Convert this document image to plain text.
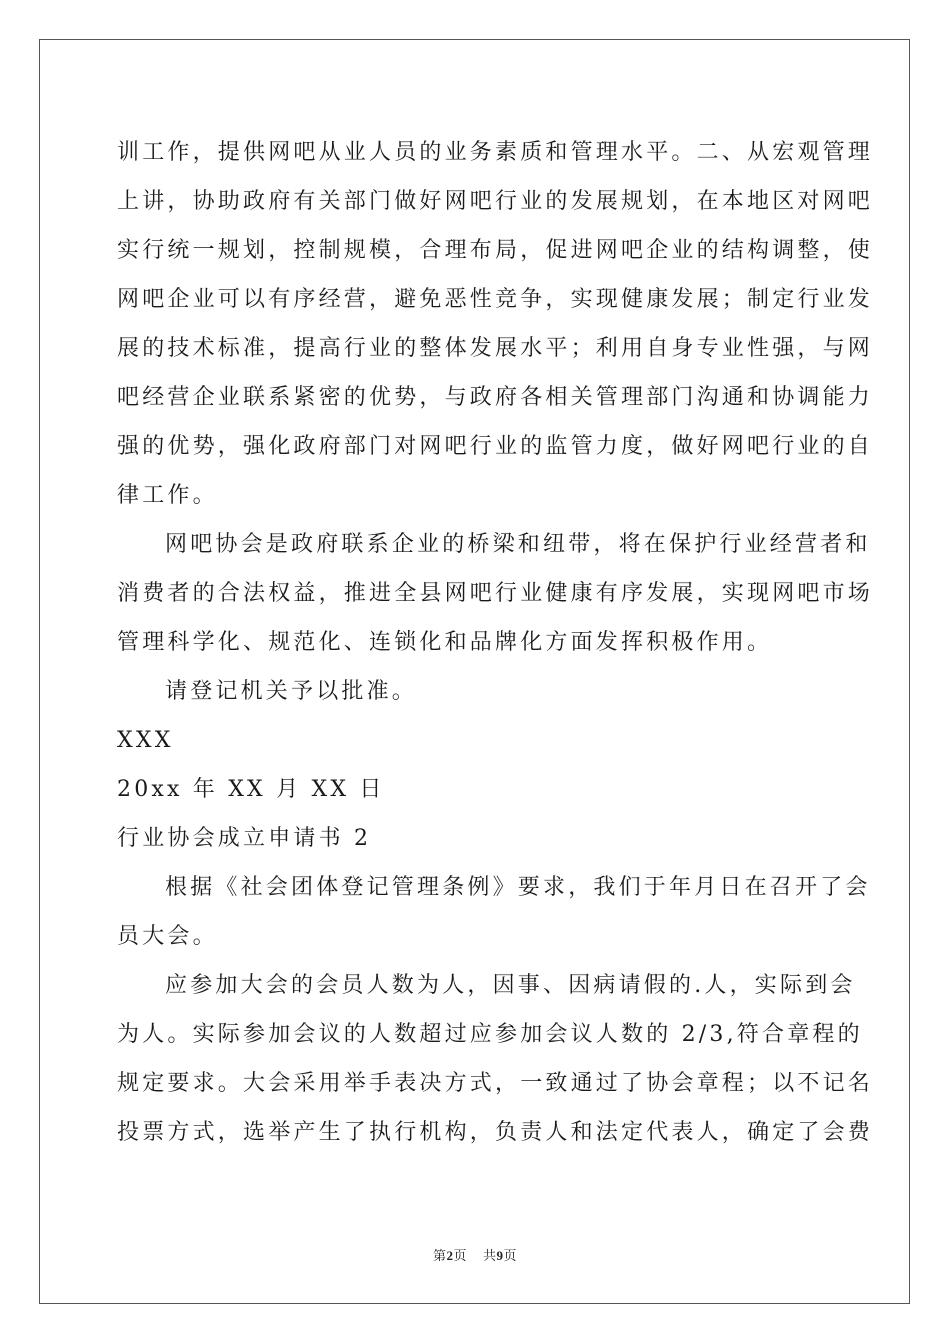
训工作，提供网吧从业人员的业务素质和管理水平。二、从宏观管理
上讲，协助政府有关部门做好网吧行业的发展规划，在本地区对网吧
实行统一规划，控制规模，合理布局，促进网吧企业的结构调整，使
网吧企业可以有序经营，避免恶性竞争，实现健康发展；制定行业发
展的技术标准，提高行业的整体发展水平；利用自身专业性强，与网
吧经营企业联系紧密的优势，与政府各相关管理部门沟通和协调能力
强的优势，强化政府部门对网吧行业的监管力度，做好网吧行业的自
律工作。
网吧协会是政府联系企业的桥梁和纽带，将在保护行业经营者和
消费者的合法权益，推进全县网吧行业健康有序发展，实现网吧市场
管理科学化、规范化、连锁化和品牌化方面发挥积极作用。
请登记机关予以批准。
XXX
20xx 年 XX 月 XX 日
行业协会成立申请书 2
根据《社会团体登记管理条例》要求，我们于年月日在召开了会
员大会。
应参加大会的会员人数为人，因事、因病请假的.人，实际到会
为人。实际参加会议的人数超过应参加会议人数的 2/3,符合章程的
规定要求。大会采用举手表决方式，一致通过了协会章程；以不记名
投票方式，选举产生了执行机构，负责人和法定代表人，确定了会费
第2页 共9页
